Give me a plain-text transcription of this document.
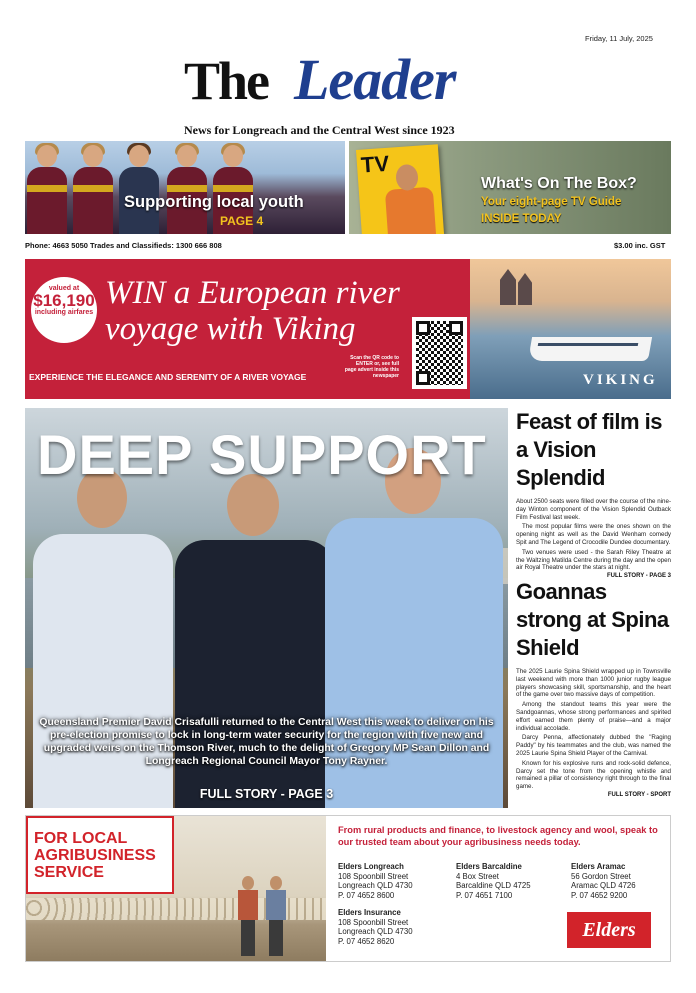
Friday, 11 July, 2025
The Leader
News for Longreach and the Central West since 1923
Supporting local youth
PAGE 4
TV
What's On The Box?
Your eight-page TV Guide
INSIDE TODAY
Phone: 4663 5050 Trades and Classifieds: 1300 666 808	$3.00 inc. GST
valued at
$16,190
including airfares
WIN a European river
voyage with Viking
EXPERIENCE THE ELEGANCE AND SERENITY OF A RIVER VOYAGE
Scan the QR code to ENTER or, see full page advert inside this newspaper	VIKING
DEEP SUPPORT
Queensland Premier David Crisafulli returned to the Central West this week to deliver on his pre-election promise to lock in long-term water security for the region with five new and upgraded weirs on the Thomson River, much to the delight of Gregory MP Sean Dillon and Longreach Regional Council Mayor Tony Rayner.
FULL STORY - PAGE 3
Feast of film is a Vision Splendid
About 2500 seats were filled over the course of the nine-day Winton component of the Vision Splendid Outback Film Festival last week.
The most popular films were the ones shown on the opening night as well as the David Wenham comedy Spit and The Legend of Crocodile Dundee documentary.
Two venues were used - the Sarah Riley Theatre at the Waltzing Matilda Centre during the day and the open air Royal Theatre under the stars at night.
FULL STORY - PAGE 3
Goannas strong at Spina Shield
The 2025 Laurie Spina Shield wrapped up in Townsville last weekend with more than 1000 junior rugby league players showcasing skill, sportsmanship, and the heart of the game over two massive days of competition.
Among the standout teams this year were the Sandgoannas, whose strong performances and spirited effort earned them plenty of praise—and a major individual accolade.
Darcy Penna, affectionately dubbed the "Raging Paddy" by his teammates and the club, was named the 2025 Laurie Spina Shield Player of the Carnival.
Known for his explosive runs and rock-solid defence, Darcy set the tone from the opening whistle and remained a pillar of consistency right through to the final game.
FULL STORY - SPORT
FOR LOCAL AGRIBUSINESS SERVICE
From rural products and finance, to livestock agency and wool, speak to our trusted team about your agribusiness needs today.
Elders Longreach
108 Spoonbill Street
Longreach QLD 4730
P. 07 4652 8600
Elders Barcaldine
4 Box Street
Barcaldine QLD 4725
P. 07 4651 7100
Elders Aramac
56 Gordon Street
Aramac QLD 4726
P. 07 4652 9200
Elders Insurance
108 Spoonbill Street
Longreach QLD 4730
P. 07 4652 8620	Elders
